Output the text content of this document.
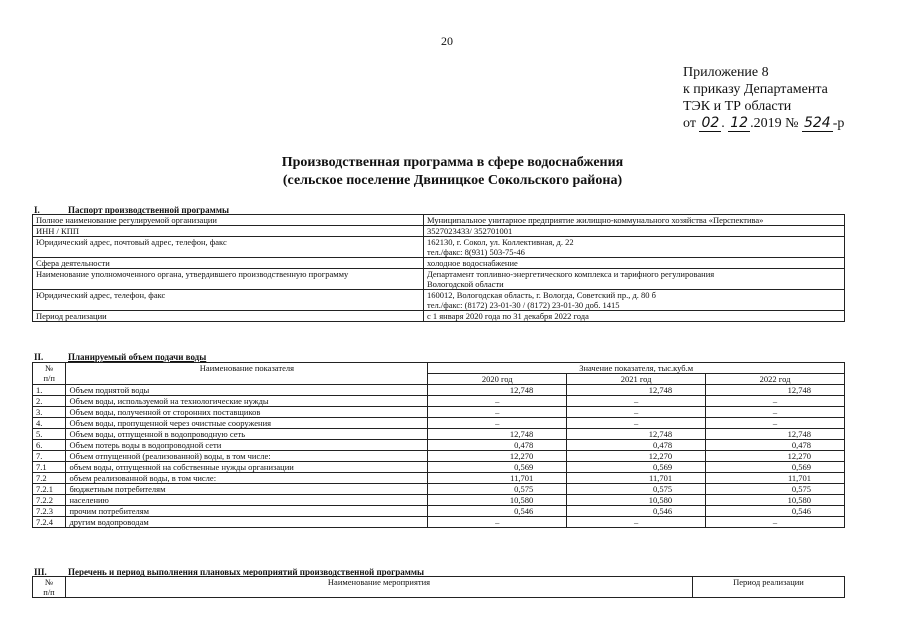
20
Приложение 8
к приказу Департамента
ТЭК и ТР области
от 02 . 12 .2019 № 524 -р
Производственная программа в сфере водоснабжения
(сельское поселение Двиницкое Сокольского района)
I.	Паспорт производственной программы
Полное наименование регулируемой организации	Муниципальное унитарное предприятие жилищно-коммунального хозяйства «Перспектива»

ИНН / КПП	3527023433/ 352701001

Юридический адрес, почтовый адрес, телефон, факс	162130, г. Сокол, ул. Коллективная, д. 22
тел./факс: 8(931) 503-75-46

Сфера деятельности	холодное водоснабжение

Наименование уполномоченного органа, утвердившего производственную программу	Департамент топливно-энергетического комплекса и тарифного регулирования
Вологодской области

Юридический адрес, телефон, факс	160012, Вологодская область, г. Вологда, Советский пр., д. 80 б
тел./факс: (8172) 23-01-30 / (8172) 23-01-30 доб. 1415

Период реализации	с 1 января 2020 года по 31 декабря 2022 года
II.	Планируемый объем подачи воды
№
п/п	Наименование показателя	Значение показателя, тыс.куб.м		
		2020 год	2021 год	2022 год
1.	Объем поднятой воды	12,748	12,748	12,748
2.	Объем воды, используемой на технологические нужды	–	–	–
3.	Объем воды, полученной от сторонних поставщиков	–	–	–
4.	Объем воды, пропущенной через очистные сооружения	–	–	–
5.	Объем воды, отпущенной в водопроводную сеть	12,748	12,748	12,748
6.	Объем потерь воды в водопроводной сети	0,478	0,478	0,478
7.	Объем отпущенной (реализованной) воды, в том числе:	12,270	12,270	12,270
7.1	объем воды, отпущенной на собственные нужды организации	0,569	0,569	0,569
7.2	объем реализованной воды, в том числе:	11,701	11,701	11,701
7.2.1	бюджетным потребителям	0,575	0,575	0,575
7.2.2	населению	10,580	10,580	10,580
7.2.3	прочим потребителям	0,546	0,546	0,546
7.2.4	другим водопроводам	–	–	–
III. Перечень и период выполнения плановых мероприятий производственной программы
№
п/п
	Наименование мероприятия	Период реализации
